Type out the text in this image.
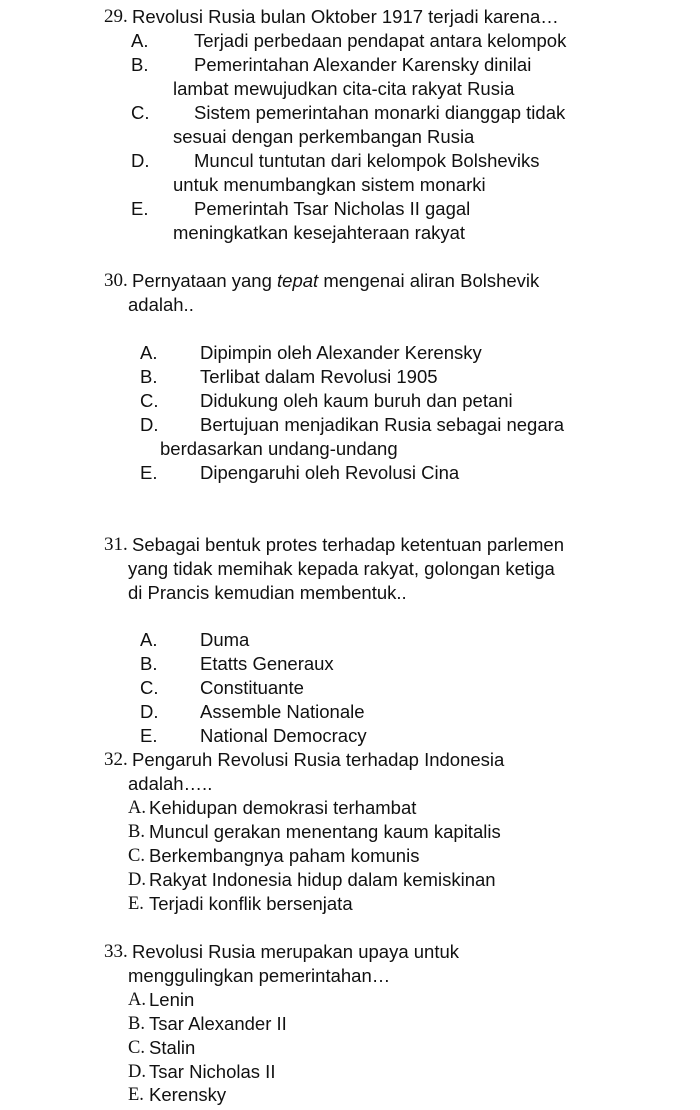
29. Revolusi Rusia bulan Oktober 1917 terjadi karena…
A. Terjadi perbedaan pendapat antara kelompok
B. Pemerintahan Alexander Karensky dinilai
lambat mewujudkan cita-cita rakyat Rusia
C. Sistem pemerintahan monarki dianggap tidak
sesuai dengan perkembangan Rusia
D. Muncul tuntutan dari kelompok Bolsheviks
untuk menumbangkan sistem monarki
E. Pemerintah Tsar Nicholas II gagal
meningkatkan kesejahteraan rakyat
30. Pernyataan yang tepat mengenai aliran Bolshevik
adalah..
A. Dipimpin oleh Alexander Kerensky
B. Terlibat dalam Revolusi 1905
C. Didukung oleh kaum buruh dan petani
D. Bertujuan menjadikan Rusia sebagai negara
berdasarkan undang-undang
E. Dipengaruhi oleh Revolusi Cina
31. Sebagai bentuk protes terhadap ketentuan parlemen
yang tidak memihak kepada rakyat, golongan ketiga
di Prancis kemudian membentuk..
A. Duma
B. Etatts Generaux
C. Constituante
D. Assemble Nationale
E. National Democracy
32. Pengaruh Revolusi Rusia terhadap Indonesia
adalah…..
A. Kehidupan demokrasi terhambat
B. Muncul gerakan menentang kaum kapitalis
C. Berkembangnya paham komunis
D. Rakyat Indonesia hidup dalam kemiskinan
E. Terjadi konflik bersenjata
33. Revolusi Rusia merupakan upaya untuk
menggulingkan pemerintahan…
A. Lenin
B. Tsar Alexander II
C. Stalin
D. Tsar Nicholas II
E. Kerensky
